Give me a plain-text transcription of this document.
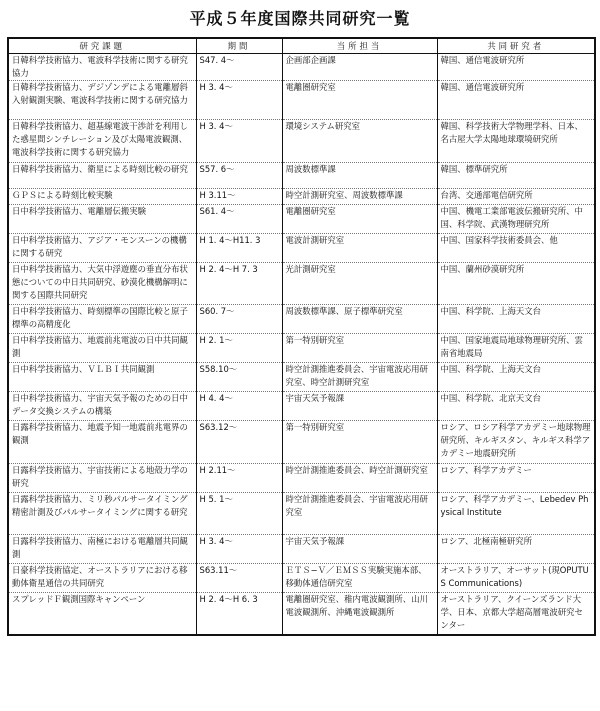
平成５年度国際共同研究一覧
研究課題	期間	当所担当	共同研究者
日韓科学技術協力、電波科学技術に関する研究協力	S47. 4〜	企画部企画課	韓国、通信電波研究所
日韓科学技術協力、デジゾンデによる電離層斜入射観測実験、電波科学技術に関する研究協力	H 3. 4〜	電離圏研究室	韓国、通信電波研究所
日韓科学技術協力、超基線電波干渉計を利用した惑星間シンチレーション及び太陽電波観測、電波科学技術に関する研究協力	H 3. 4〜	環境システム研究室	韓国、科学技術大学物理学科、日本、名古屋大学太陽地球環境研究所
日韓科学技術協力、衛星による時刻比較の研究	S57. 6〜	周波数標準課	韓国、標準研究所
ＧＰＳによる時刻比較実験	H 3.11〜	時空計測研究室、周波数標準課	台湾、交通部電信研究所
日中科学技術協力、電離層伝搬実験	S61. 4〜	電離圏研究室	中国、機電工業部電波伝搬研究所、中国、科学院、武漢物理研究所
日中科学技術協力、アジア・モンスーンの機構に関する研究	H 1. 4〜H11. 3	電波計測研究室	中国、国家科学技術委員会、他
日中科学技術協力、大気中浮遊塵の垂直分布状態についての中日共同研究、砂漠化機構解明に関する国際共同研究	H 2. 4〜H 7. 3	光計測研究室	中国、蘭州砂漠研究所
日中科学技術協力、時刻標準の国際比較と原子標準の高精度化	S60. 7〜	周波数標準課、原子標準研究室	中国、科学院、上海天文台
日中科学技術協力、地震前兆電波の日中共同観測	H 2. 1〜	第一特別研究室	中国、国家地震局地球物理研究所、雲南省地震局
日中科学技術協力、ＶＬＢＩ共同観測	S58.10〜	時空計測推進委員会、宇宙電波応用研究室、時空計測研究室	中国、科学院、上海天文台
日中科学技術協力、宇宙天気予報のための日中データ交換システムの構築	H 4. 4〜	宇宙天気予報課	中国、科学院、北京天文台
日露科学技術協力、地震予知一地震前兆電界の観測	S63.12〜	第一特別研究室	ロシア、ロシア科学アカデミー地球物理研究所、キルギスタン、キルギス科学アカデミー地震研究所
日露科学技術協力、宇宙技術による地殻力学の研究	H 2.11〜	時空計測推進委員会、時空計測研究室	ロシア、科学アカデミー
日露科学技術協力、ミリ秒パルサータイミング精密計測及びパルサータイミングに関する研究	H 5. 1〜	時空計測推進委員会、宇宙電波応用研究室	ロシア、科学アカデミー、Lebedev Physical Institute
日露科学技術協力、南極における電離層共同観測	H 3. 4〜	宇宙天気予報課	ロシア、北極南極研究所
日豪科学技術協定、オーストラリアにおける移動体衛星通信の共同研究	S63.11〜	ＥＴＳ−Ｖ／ＥＭＳＳ実験実施本部、移動体通信研究室	オーストラリア、オーサット(現OPUTUS Communications)
スプレッドＦ観測国際キャンペーン	H 2. 4〜H 6. 3	電離圏研究室、稚内電波観測所、山川電波観測所、沖縄電波観測所	オーストラリア、クイーンズランド大学、日本、京都大学超高層電波研究センター
